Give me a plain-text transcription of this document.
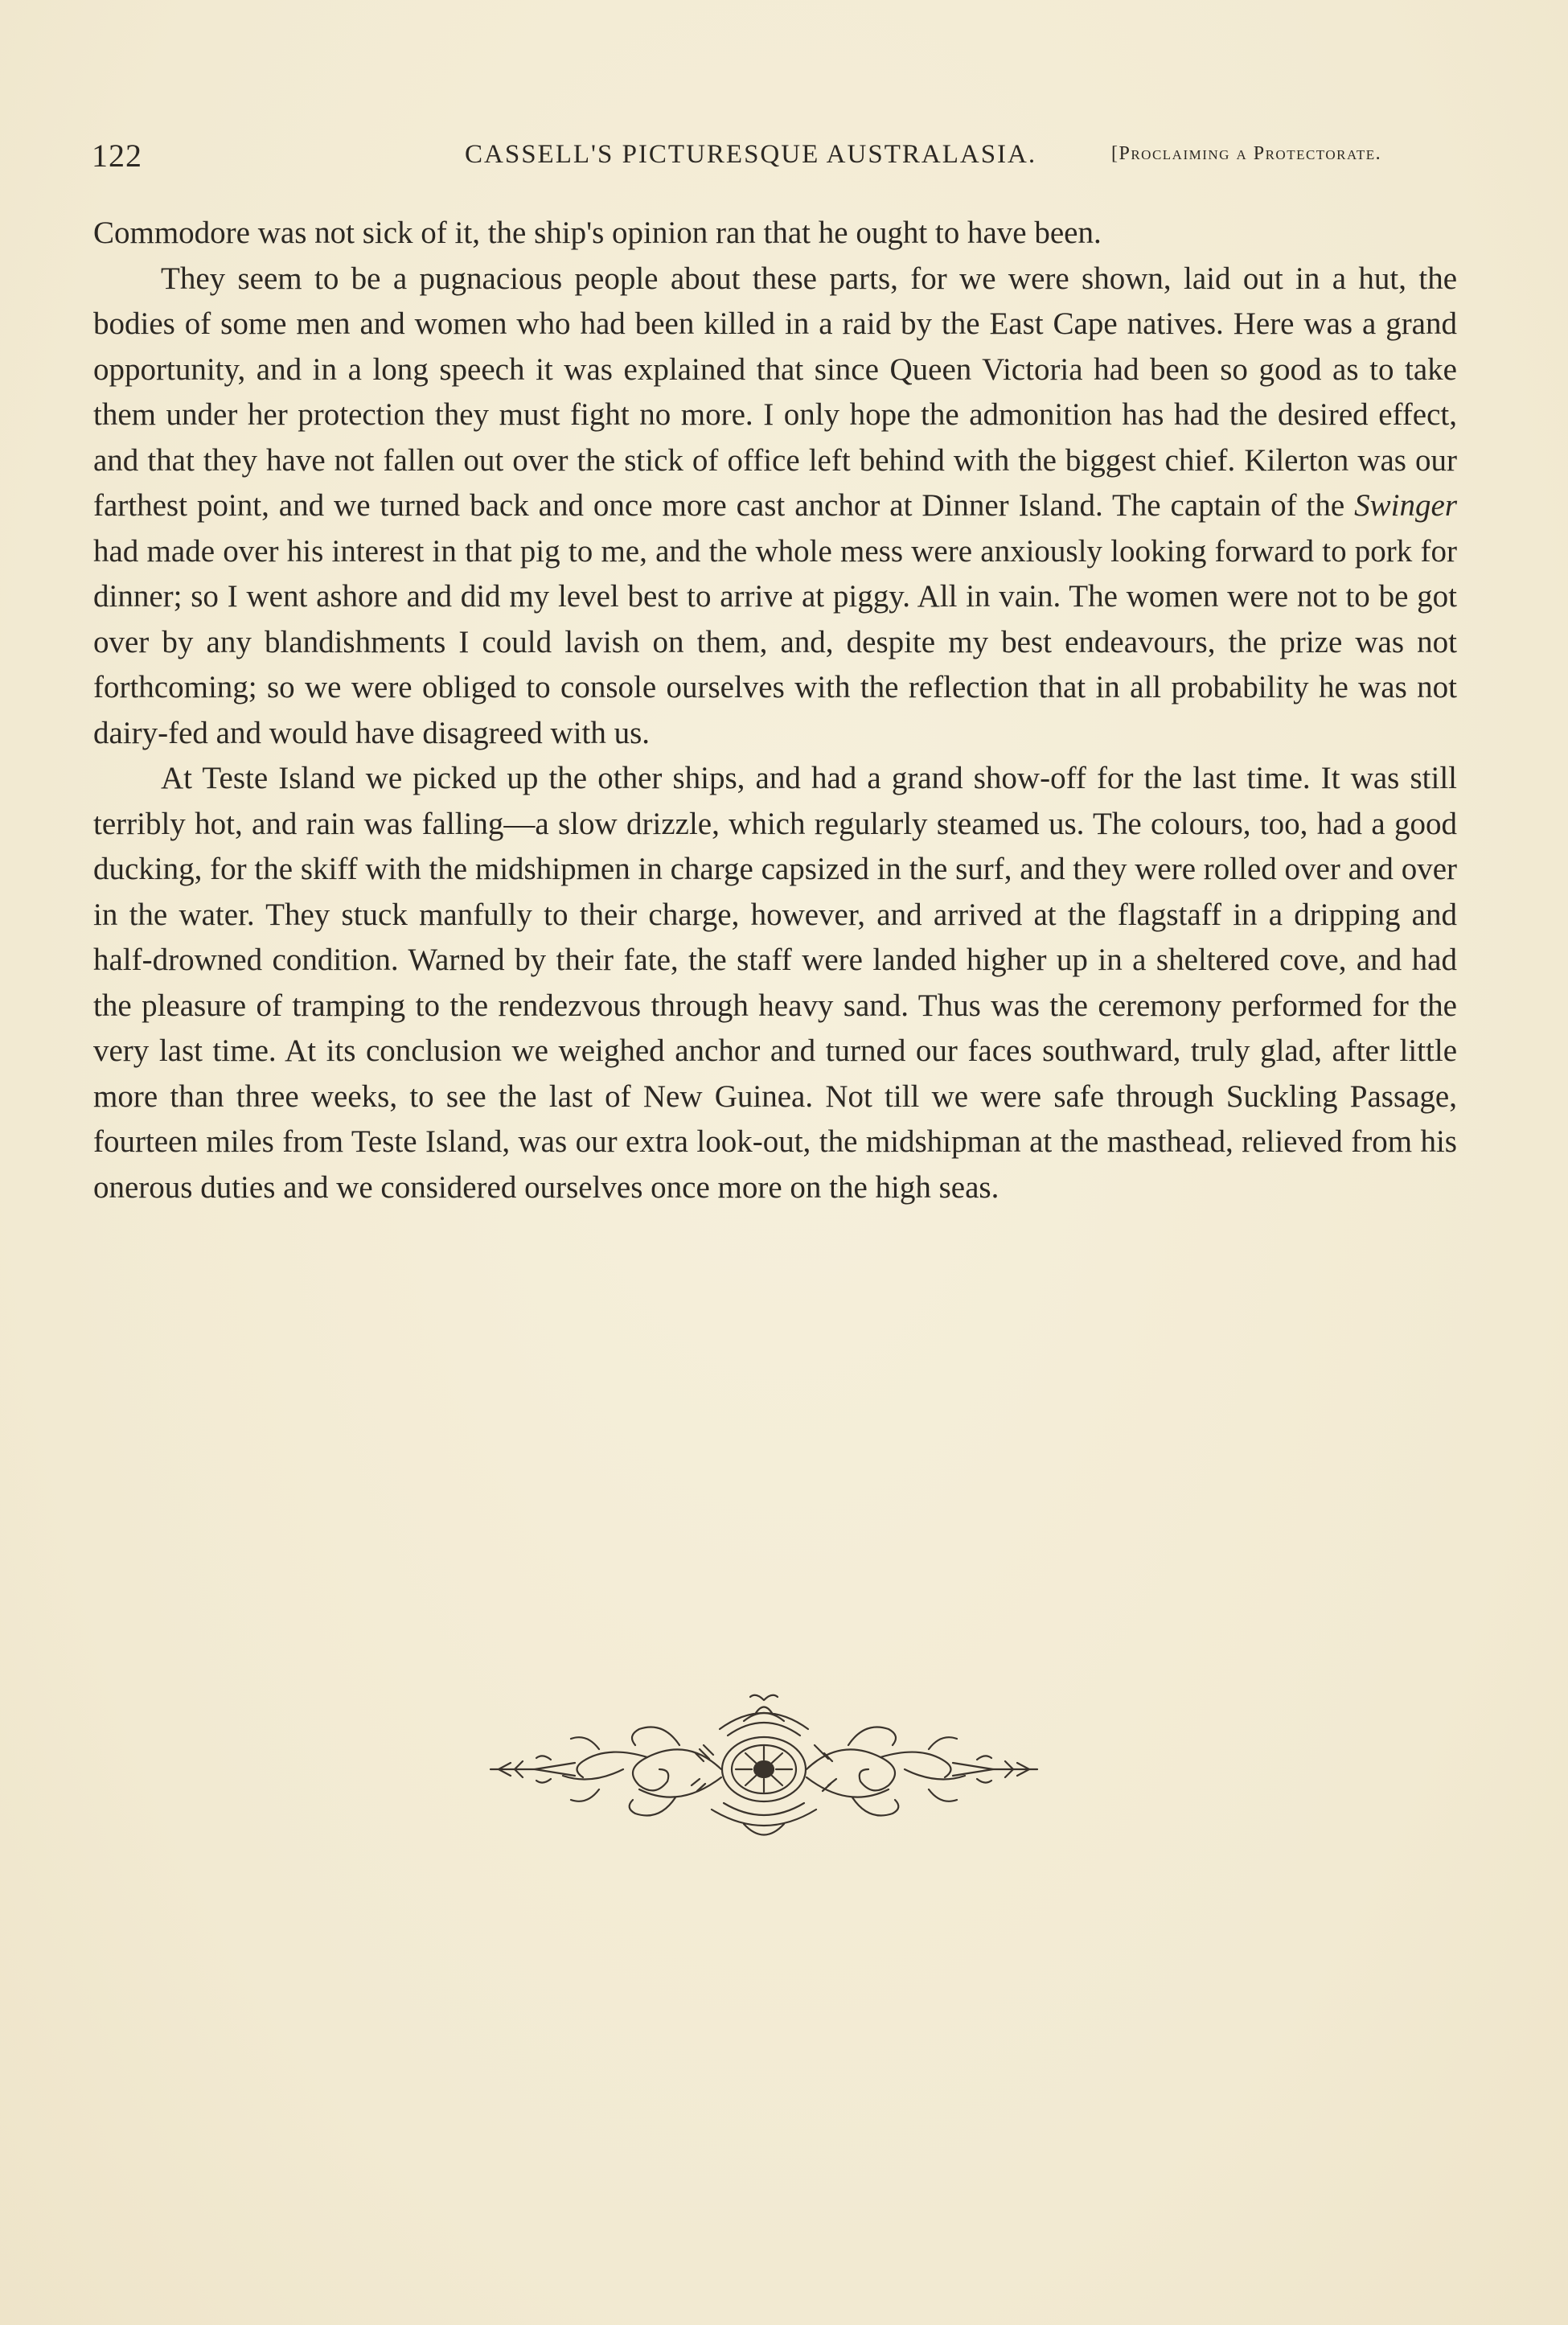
122	CASSELL'S PICTURESQUE AUSTRALASIA.	[Proclaiming a Protectorate.

Commodore was not sick of it, the ship's opinion ran that he ought to have been.

They seem to be a pugnacious people about these parts, for we were shown, laid out in a hut, the bodies of some men and women who had been killed in a raid by the East Cape natives. Here was a grand opportunity, and in a long speech it was explained that since Queen Victoria had been so good as to take them under her protection they must fight no more. I only hope the admonition has had the desired effect, and that they have not fallen out over the stick of office left behind with the biggest chief. Kilerton was our farthest point, and we turned back and once more cast anchor at Dinner Island. The captain of the Swinger had made over his interest in that pig to me, and the whole mess were anxiously looking forward to pork for dinner; so I went ashore and did my level best to arrive at piggy. All in vain. The women were not to be got over by any blandishments I could lavish on them, and, despite my best endeavours, the prize was not forthcoming; so we were obliged to console ourselves with the reflection that in all probability he was not dairy-fed and would have disagreed with us.

At Teste Island we picked up the other ships, and had a grand show-off for the last time. It was still terribly hot, and rain was falling—a slow drizzle, which regularly steamed us. The colours, too, had a good ducking, for the skiff with the midshipmen in charge capsized in the surf, and they were rolled over and over in the water. They stuck manfully to their charge, however, and arrived at the flagstaff in a dripping and half-drowned condition. Warned by their fate, the staff were landed higher up in a sheltered cove, and had the pleasure of tramping to the rendezvous through heavy sand. Thus was the ceremony performed for the very last time. At its conclusion we weighed anchor and turned our faces southward, truly glad, after little more than three weeks, to see the last of New Guinea. Not till we were safe through Suckling Passage, fourteen miles from Teste Island, was our extra look-out, the midshipman at the masthead, relieved from his onerous duties and we considered ourselves once more on the high seas.
